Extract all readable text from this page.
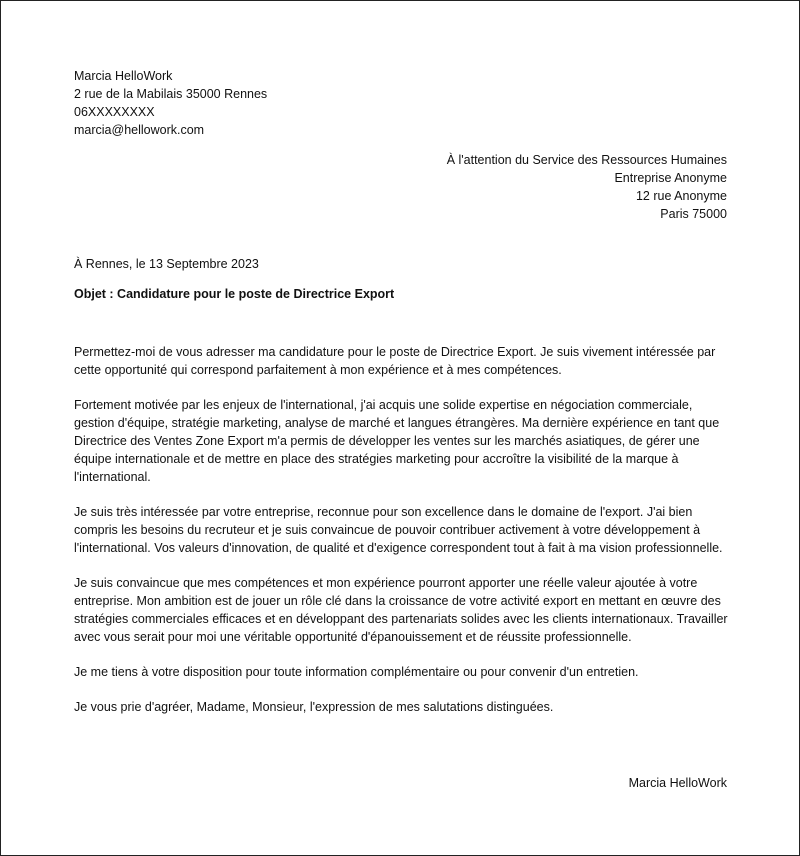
Marcia HelloWork
2 rue de la Mabilais 35000 Rennes
06XXXXXXXX
marcia@hellowork.com
À l'attention du Service des Ressources Humaines
Entreprise Anonyme
12 rue Anonyme
Paris 75000
À Rennes, le 13 Septembre 2023
Objet : Candidature pour le poste de Directrice Export

Permettez-moi de vous adresser ma candidature pour le poste de Directrice Export. Je suis vivement intéressée par cette opportunité qui correspond parfaitement à mon expérience et à mes compétences.

Fortement motivée par les enjeux de l'international, j'ai acquis une solide expertise en négociation commerciale, gestion d'équipe, stratégie marketing, analyse de marché et langues étrangères. Ma dernière expérience en tant que Directrice des Ventes Zone Export m'a permis de développer les ventes sur les marchés asiatiques, de gérer une équipe internationale et de mettre en place des stratégies marketing pour accroître la visibilité de la marque à l'international.

Je suis très intéressée par votre entreprise, reconnue pour son excellence dans le domaine de l'export. J'ai bien compris les besoins du recruteur et je suis convaincue de pouvoir contribuer activement à votre développement à l'international. Vos valeurs d'innovation, de qualité et d'exigence correspondent tout à fait à ma vision professionnelle.

Je suis convaincue que mes compétences et mon expérience pourront apporter une réelle valeur ajoutée à votre entreprise. Mon ambition est de jouer un rôle clé dans la croissance de votre activité export en mettant en œuvre des stratégies commerciales efficaces et en développant des partenariats solides avec les clients internationaux. Travailler avec vous serait pour moi une véritable opportunité d'épanouissement et de réussite professionnelle.

Je me tiens à votre disposition pour toute information complémentaire ou pour convenir d'un entretien.

Je vous prie d'agréer, Madame, Monsieur, l'expression de mes salutations distinguées.

Marcia HelloWork
